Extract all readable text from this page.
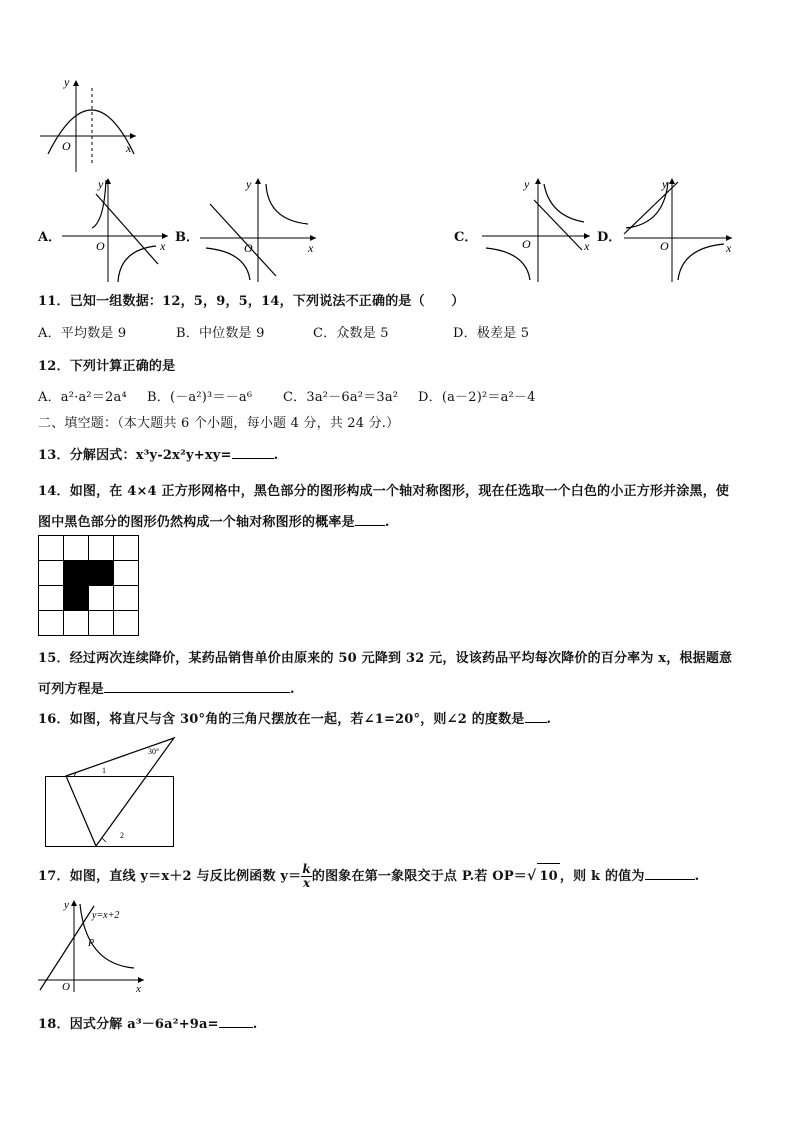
y
O	x
A．
y
O	x
B．
y
O	x
C．
y
O	x
D．
y
O	x
11．已知一组数据：12，5，9，5，14，下列说法不正确的是（　　）
A．平均数是 9	B．中位数是 9	C．众数是 5	D．极差是 5
12．下列计算正确的是
A．a²·a²＝2a⁴ B．(－a²)³＝－a⁶ C．3a²－6a²＝3a² D．(a－2)²＝a²－4
二、填空题：（本大题共 6 个小题，每小题 4 分，共 24 分.）
13．分解因式：x³y-2x²y+xy=	.
14．如图，在 4×4 正方形网格中，黑色部分的图形构成一个轴对称图形，现在任选取一个白色的小正方形并涂黑，使
图中黑色部分的图形仍然构成一个轴对称图形的概率是 .
15．经过两次连续降价，某药品销售单价由原来的 50 元降到 32 元，设该药品平均每次降价的百分率为 x，根据题意
可列方程是	.
16．如图，将直尺与含 30°角的三角尺摆放在一起，若∠1=20°，则∠2 的度数是 .
30°
1
2
17．如图，直线 y＝x＋2 与反比例函数 $y= \frac{k}{x}$ 的图象在第一象限交于点 P.若 OP＝√ 10 ，则 k 的值为	.
y
O	x
y=x+2
P
18．因式分解 a³－6a²+9a=	.
